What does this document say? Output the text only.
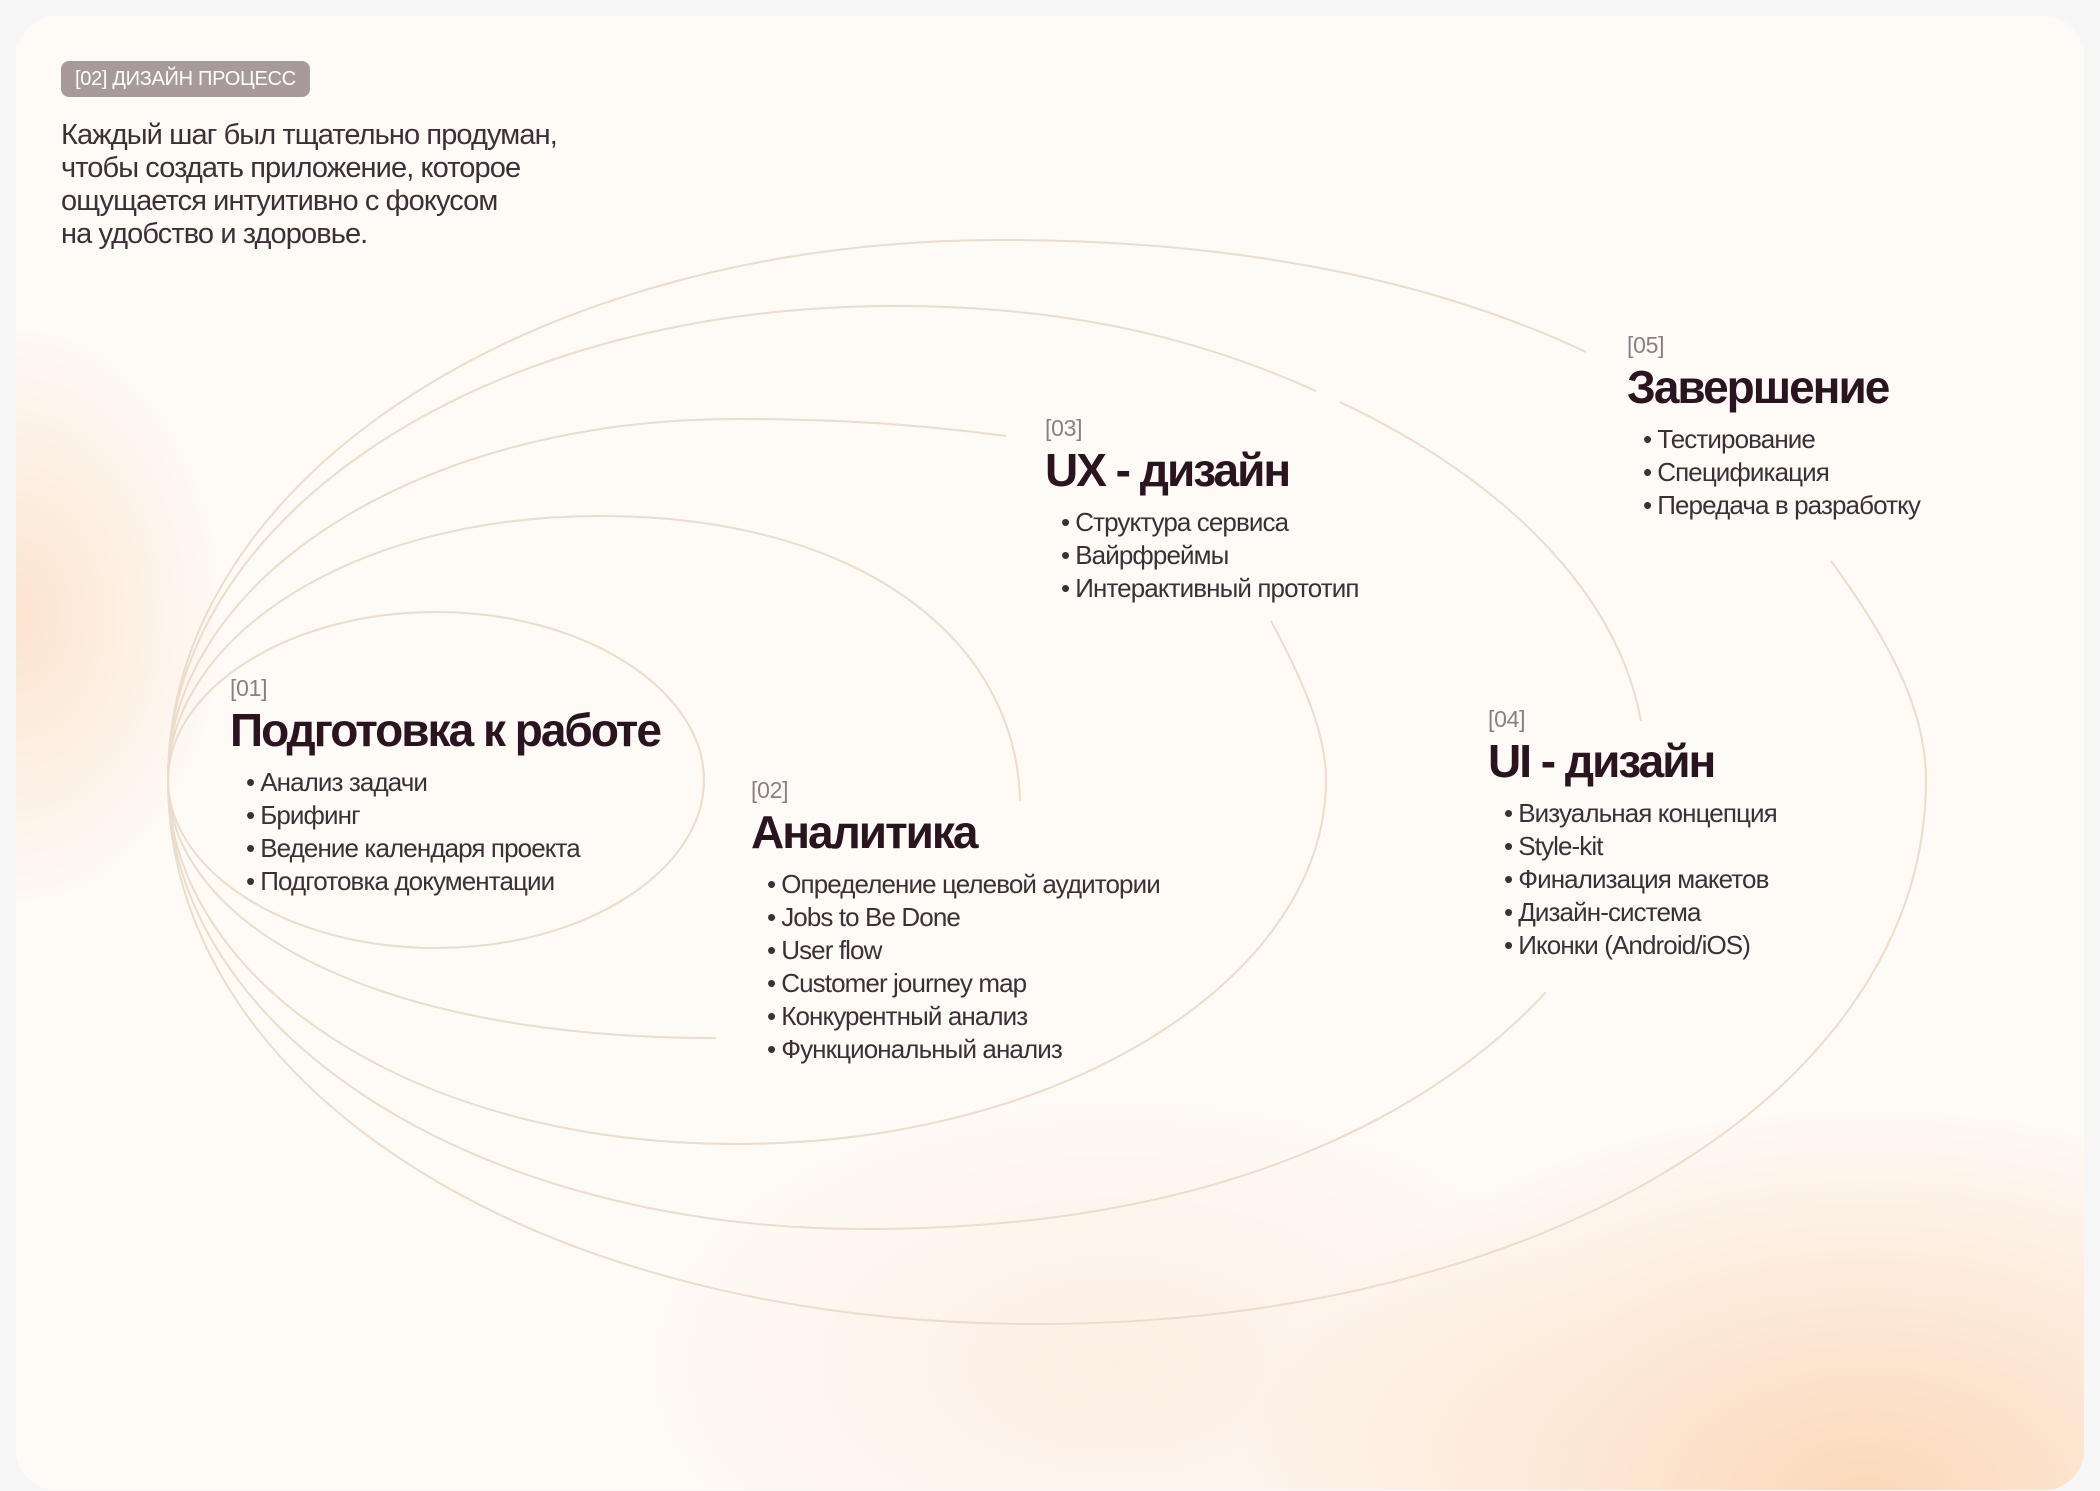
[02] ДИЗАЙН ПРОЦЕСС
Каждый шаг был тщательно продуман,
чтобы создать приложение, которое
ощущается интуитивно с фокусом
на удобство и здоровье.
[01]
Подготовка к работе
• Анализ задачи
• Брифинг
• Ведение календаря проекта
• Подготовка документации
[02]
Аналитика
• Определение целевой аудитории
• Jobs to Be Done
• User flow
• Customer journey map
• Конкурентный анализ
• Функциональный анализ
[03]
UX - дизайн
• Структура сервиса
• Вайрфреймы
• Интерактивный прототип
[04]
UI - дизайн
• Визуальная концепция
• Style-kit
• Финализация макетов
• Дизайн-система
• Иконки (Android/iOS)
[05]
Завершение
• Тестирование
• Спецификация
• Передача в разработку
